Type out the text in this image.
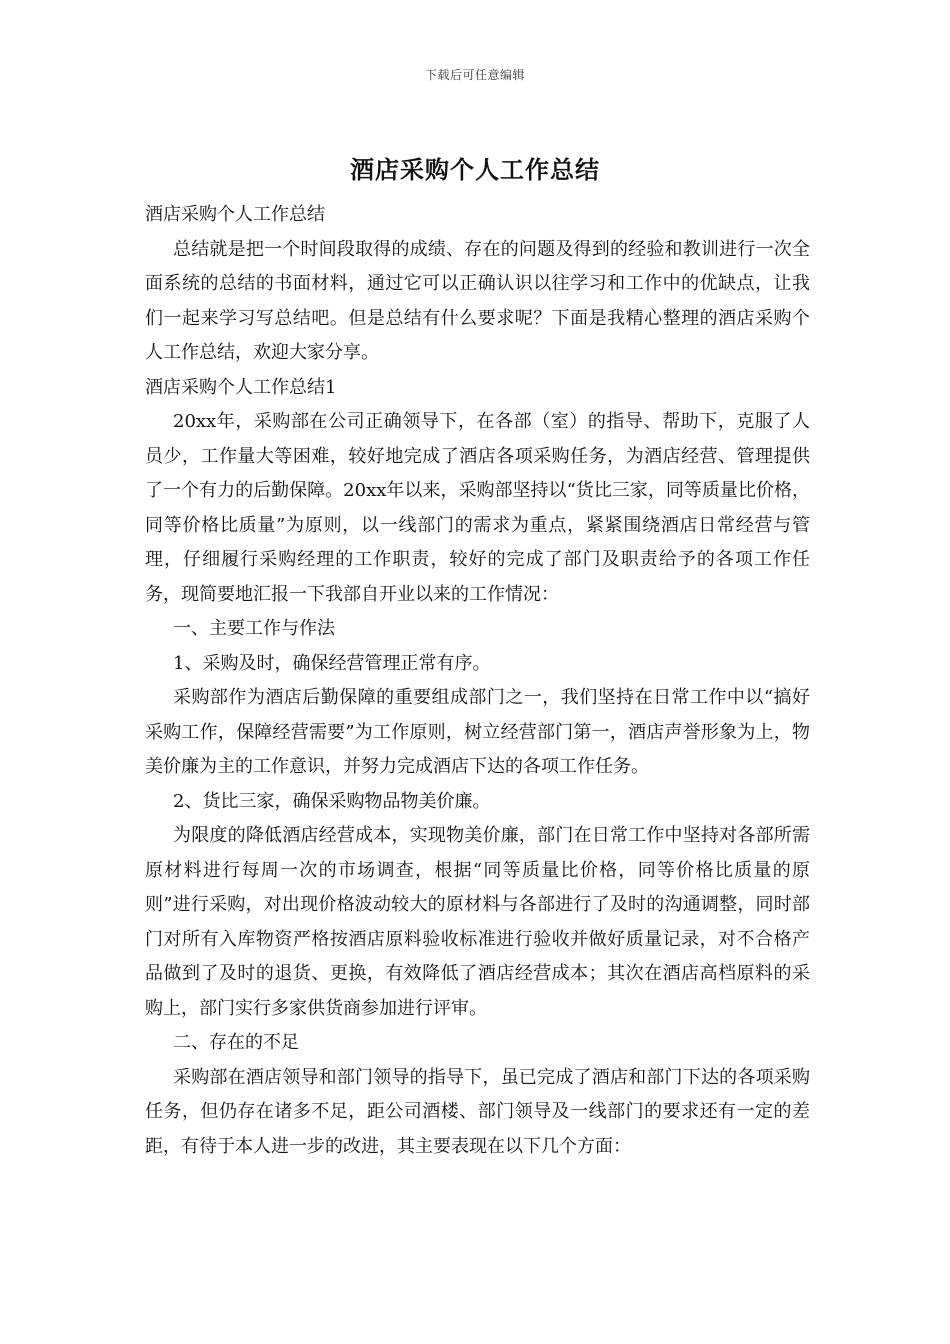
下载后可任意编辑
酒店采购个人工作总结

酒店采购个人工作总结

总结就是把一个时间段取得的成绩、存在的问题及得到的经验和教训进行一次全面系统的总结的书面材料，通过它可以正确认识以往学习和工作中的优缺点，让我们一起来学习写总结吧。但是总结有什么要求呢？下面是我精心整理的酒店采购个人工作总结，欢迎大家分享。

酒店采购个人工作总结1

20xx年，采购部在公司正确领导下，在各部（室）的指导、帮助下，克服了人员少，工作量大等困难，较好地完成了酒店各项采购任务，为酒店经营、管理提供了一个有力的后勤保障。20xx年以来，采购部坚持以“货比三家，同等质量比价格，同等价格比质量”为原则，以一线部门的需求为重点，紧紧围绕酒店日常经营与管理，仔细履行采购经理的工作职责，较好的完成了部门及职责给予的各项工作任务，现简要地汇报一下我部自开业以来的工作情况：

一、主要工作与作法

1、采购及时，确保经营管理正常有序。

采购部作为酒店后勤保障的重要组成部门之一，我们坚持在日常工作中以“搞好采购工作，保障经营需要”为工作原则，树立经营部门第一，酒店声誉形象为上，物美价廉为主的工作意识，并努力完成酒店下达的各项工作任务。

2、货比三家，确保采购物品物美价廉。

为限度的降低酒店经营成本，实现物美价廉，部门在日常工作中坚持对各部所需原材料进行每周一次的市场调查，根据“同等质量比价格，同等价格比质量的原则”进行采购，对出现价格波动较大的原材料与各部进行了及时的沟通调整，同时部门对所有入库物资严格按酒店原料验收标准进行验收并做好质量记录，对不合格产品做到了及时的退货、更换，有效降低了酒店经营成本；其次在酒店高档原料的采购上，部门实行多家供货商参加进行评审。

二、存在的不足

采购部在酒店领导和部门领导的指导下，虽已完成了酒店和部门下达的各项采购任务，但仍存在诸多不足，距公司酒楼、部门领导及一线部门的要求还有一定的差距，有待于本人进一步的改进，其主要表现在以下几个方面：
